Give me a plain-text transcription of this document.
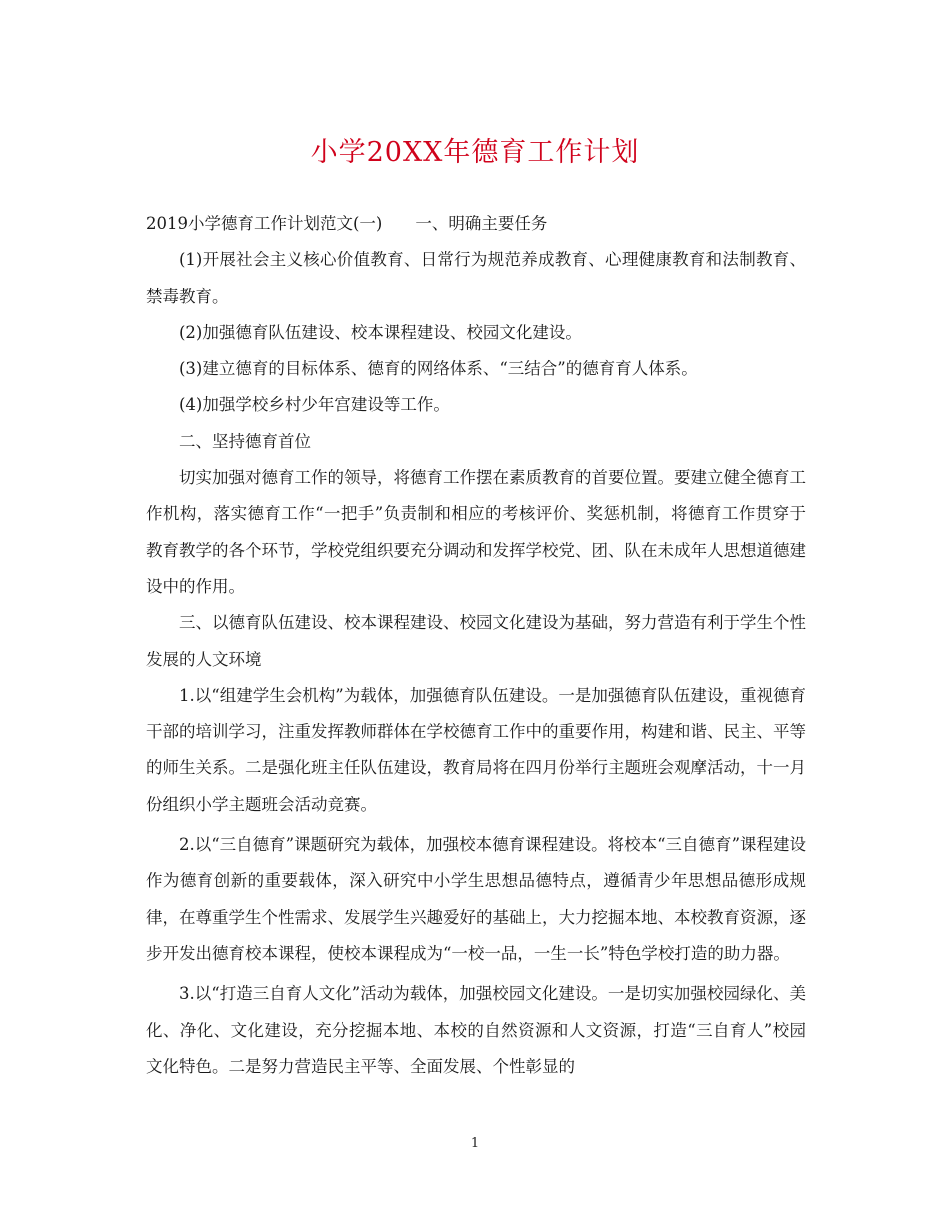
小学20XX年德育工作计划

2019小学德育工作计划范文(一)　　一、明确主要任务

(1)开展社会主义核心价值教育、日常行为规范养成教育、心理健康教育和法制教育、禁毒教育。

(2)加强德育队伍建设、校本课程建设、校园文化建设。

(3)建立德育的目标体系、德育的网络体系、“三结合”的德育育人体系。

(4)加强学校乡村少年宫建设等工作。

二、坚持德育首位

切实加强对德育工作的领导，将德育工作摆在素质教育的首要位置。要建立健全德育工作机构，落实德育工作“一把手”负责制和相应的考核评价、奖惩机制，将德育工作贯穿于教育教学的各个环节，学校党组织要充分调动和发挥学校党、团、队在未成年人思想道德建设中的作用。

三、以德育队伍建设、校本课程建设、校园文化建设为基础，努力营造有利于学生个性发展的人文环境

1.以“组建学生会机构”为载体，加强德育队伍建设。一是加强德育队伍建设，重视德育干部的培训学习，注重发挥教师群体在学校德育工作中的重要作用，构建和谐、民主、平等的师生关系。二是强化班主任队伍建设，教育局将在四月份举行主题班会观摩活动，十一月份组织小学主题班会活动竞赛。

2.以“三自德育”课题研究为载体，加强校本德育课程建设。将校本“三自德育”课程建设作为德育创新的重要载体，深入研究中小学生思想品德特点，遵循青少年思想品德形成规律，在尊重学生个性需求、发展学生兴趣爱好的基础上，大力挖掘本地、本校教育资源，逐步开发出德育校本课程，使校本课程成为“一校一品，一生一长”特色学校打造的助力器。

3.以“打造三自育人文化”活动为载体，加强校园文化建设。一是切实加强校园绿化、美化、净化、文化建设，充分挖掘本地、本校的自然资源和人文资源，打造“三自育人”校园文化特色。二是努力营造民主平等、全面发展、个性彰显的

1
